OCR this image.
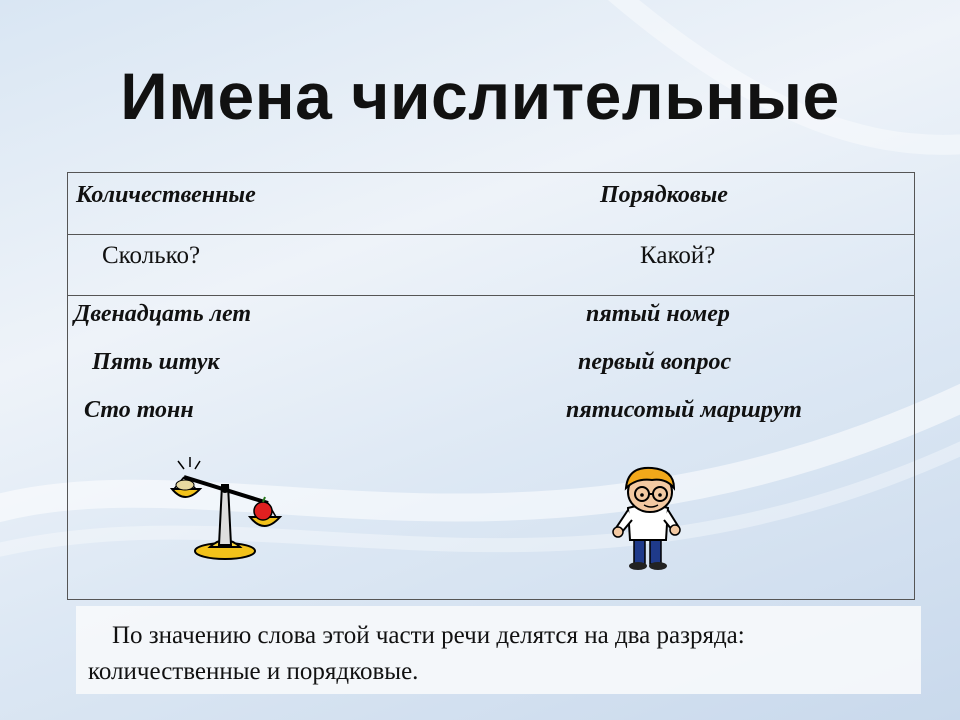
Имена числительные
Количественные	Порядковые
Сколько?	Какой?
Двенадцать лет
Пять штук
Сто тонн
пятый номер
первый вопрос
пятисотый маршрут
По значению слова этой части речи делятся на два разряда: количественные и порядковые.
